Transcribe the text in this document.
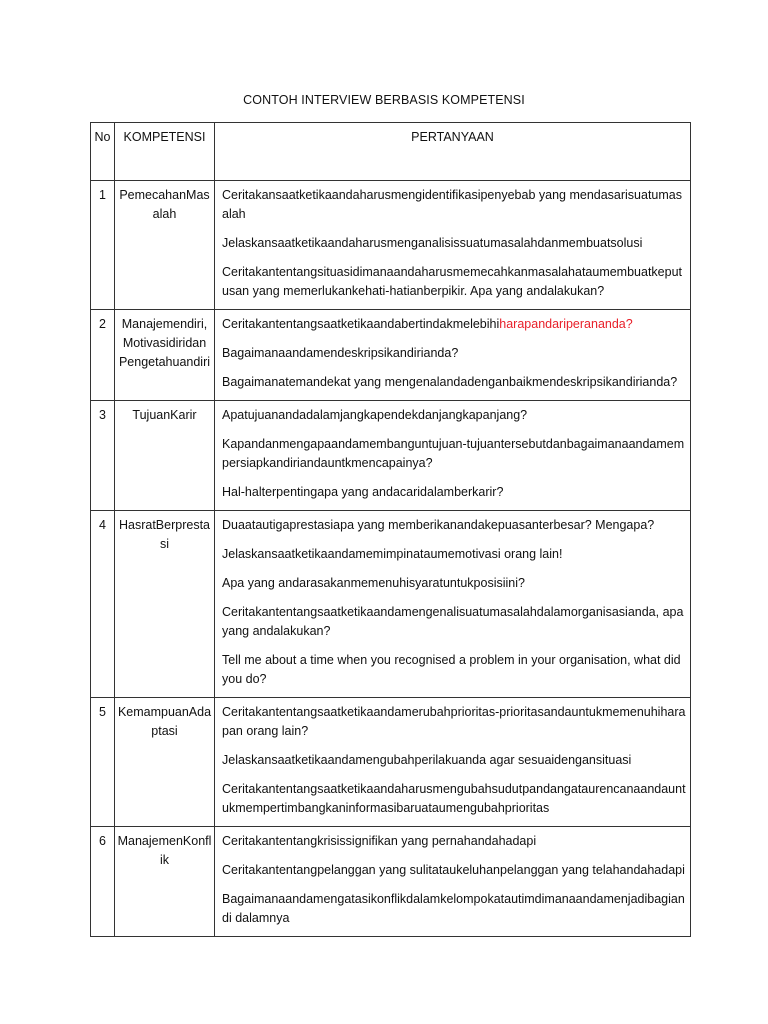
CONTOH INTERVIEW BERBASIS KOMPETENSI
No	KOMPETENSI	PERTANYAAN
1	PemecahanMasalah	Ceritakansaatketikaandaharusmengidentifikasipenyebab yang mendasarisuatumasalah
Jelaskansaatketikaandaharusmenganalisissuatumasalahdanmembuatsolusi
Ceritakantentangsituasidimanaandaharusmemecahkanmasalahataumembuatkeputusan yang memerlukankehati-hatianberpikir. Apa yang andalakukan?

2	Manajemendiri, Motivasidiridan Pengetahuandiri	Ceritakantentangsaatketikaandabertindakmelebihiharapandariperananda?
Bagaimanaandamendeskripsikandirianda?
Bagaimanatemandekat yang mengenalandadenganbaikmendeskripsikandirianda?

3	TujuanKarir	Apatujuanandadalamjangkapendekdanjangkapanjang?
Kapandanmengapaandamembanguntujuan-tujuantersebutdanbagaimanaandamempersiapkandiriandauntkmencapainya?
Hal-halterpentingapa yang andacaridalamberkarir?

4	HasratBerprestasi	Duaatautigaprestasiapa yang memberikanandakepuasanterbesar? Mengapa?
Jelaskansaatketikaandamemimpinataumemotivasi orang lain!
Apa yang andarasakanmemenuhisyaratuntukposisiini?
Ceritakantentangsaatketikaandamengenalisuatumasalahdalamorganisasianda, apa yang andalakukan?
Tell me about a time when you recognised a problem in your organisation, what did you do?

5	KemampuanAdaptasi	Ceritakantentangsaatketikaandamerubahprioritas-prioritasandauntukmemenuhiharapan orang lain?
Jelaskansaatketikaandamengubahperilakuanda agar sesuaidengansituasi
Ceritakantentangsaatketikaandaharusmengubahsudutpandangataurencanaandauntukmempertimbangkaninformasibaruataumengubahprioritas

6	ManajemenKonflik	Ceritakantentangkrisissignifikan yang pernahandahadapi
Ceritakantentangpelanggan yang sulitataukeluhanpelanggan yang telahandahadapi
Bagaimanaandamengatasikonflikdalamkelompokatautimdimanaandamenjadibagian di dalamnya
